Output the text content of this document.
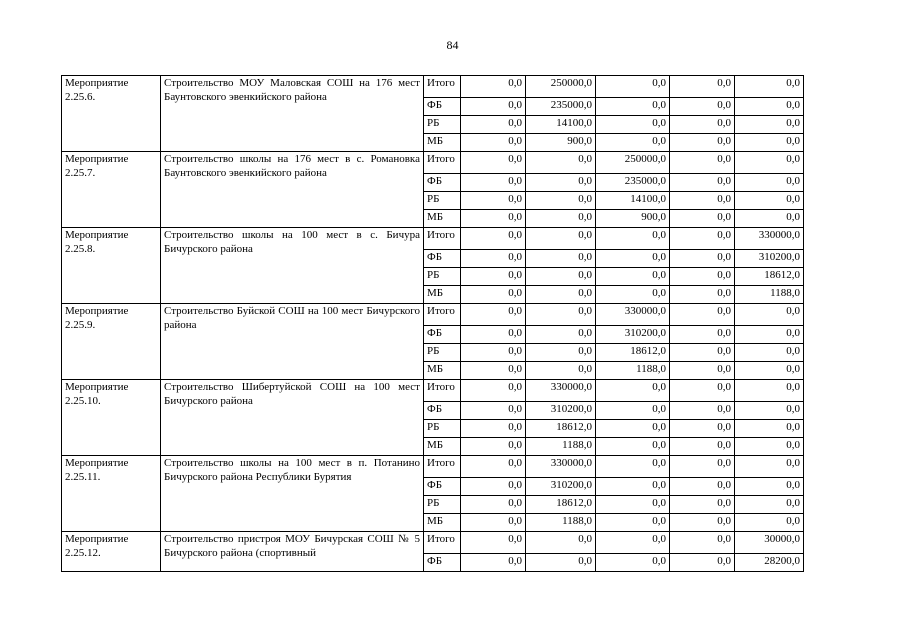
84
Мероприятие 2.25.6.	Строительство МОУ Маловская СОШ на 176 мест Баунтовского эвенкийского района	Итого	0,0	250000,0	0,0	0,0	0,0
		ФБ	0,0	235000,0	0,0	0,0	0,0
		РБ	0,0	14100,0	0,0	0,0	0,0
		МБ	0,0	900,0	0,0	0,0	0,0
Мероприятие 2.25.7.	Строительство школы на 176 мест в с. Романовка Баунтовского эвенкийского района	Итого	0,0	0,0	250000,0	0,0	0,0
		ФБ	0,0	0,0	235000,0	0,0	0,0
		РБ	0,0	0,0	14100,0	0,0	0,0
		МБ	0,0	0,0	900,0	0,0	0,0
Мероприятие 2.25.8.	Строительство школы на 100 мест в с. Бичура Бичурского района	Итого	0,0	0,0	0,0	0,0	330000,0
		ФБ	0,0	0,0	0,0	0,0	310200,0
		РБ	0,0	0,0	0,0	0,0	18612,0
		МБ	0,0	0,0	0,0	0,0	1188,0
Мероприятие 2.25.9.	Строительство Буйской СОШ на 100 мест Бичурского района	Итого	0,0	0,0	330000,0	0,0	0,0
		ФБ	0,0	0,0	310200,0	0,0	0,0
		РБ	0,0	0,0	18612,0	0,0	0,0
		МБ	0,0	0,0	1188,0	0,0	0,0
Мероприятие 2.25.10.	Строительство Шибертуйской СОШ на 100 мест Бичурского района	Итого	0,0	330000,0	0,0	0,0	0,0
		ФБ	0,0	310200,0	0,0	0,0	0,0
		РБ	0,0	18612,0	0,0	0,0	0,0
		МБ	0,0	1188,0	0,0	0,0	0,0
Мероприятие 2.25.11.	Строительство школы на 100 мест в п. Потанино Бичурского района Республики Бурятия	Итого	0,0	330000,0	0,0	0,0	0,0
		ФБ	0,0	310200,0	0,0	0,0	0,0
		РБ	0,0	18612,0	0,0	0,0	0,0
		МБ	0,0	1188,0	0,0	0,0	0,0
Мероприятие 2.25.12.	Строительство пристроя МОУ Бичурская СОШ № 5 Бичурского района (спортивный	Итого	0,0	0,0	0,0	0,0	30000,0
		ФБ	0,0	0,0	0,0	0,0	28200,0
